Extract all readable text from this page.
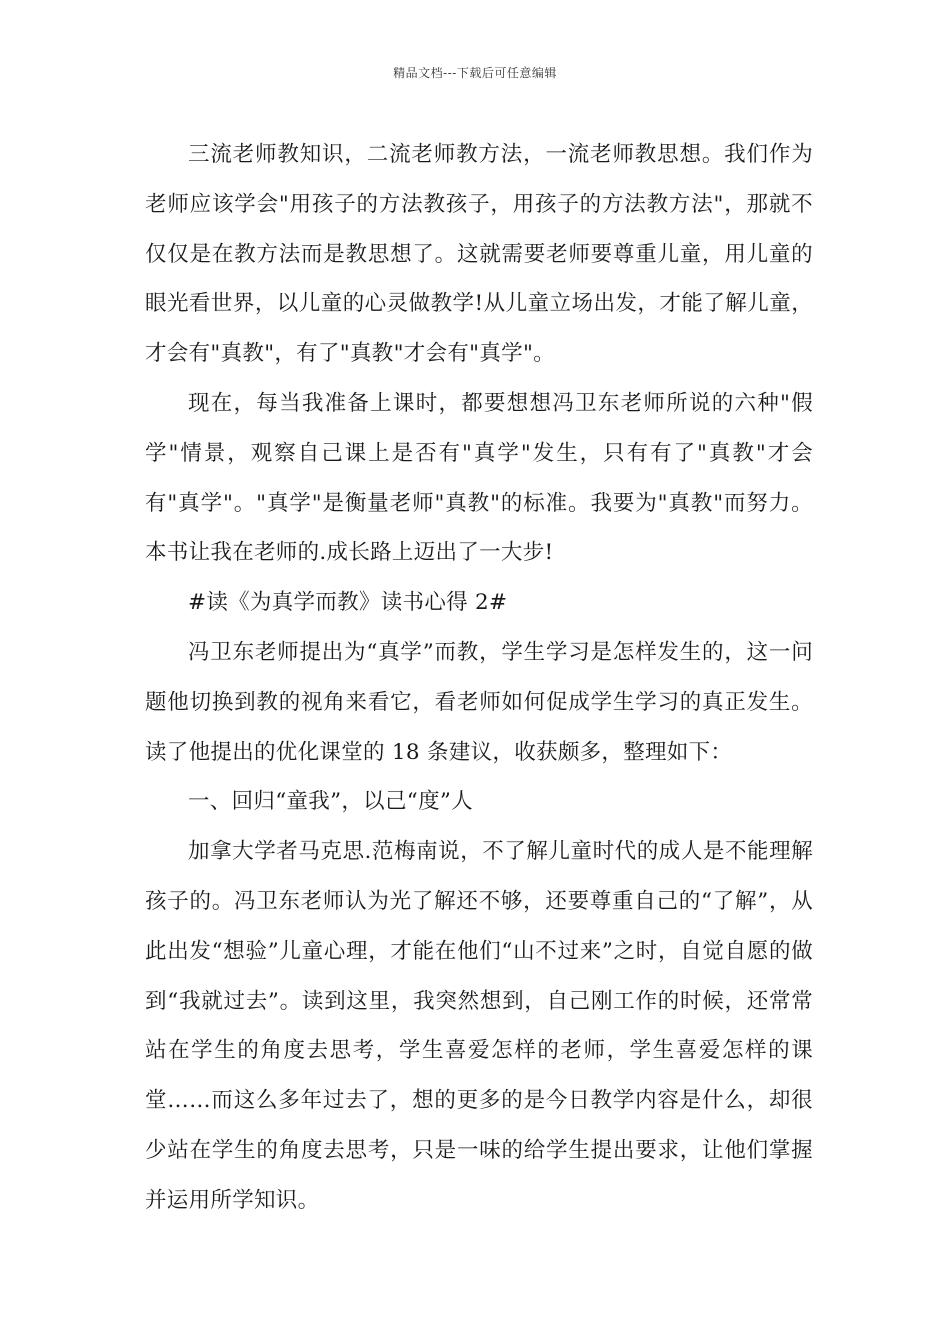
精品文档---下载后可任意编辑

三流老师教知识，二流老师教方法，一流老师教思想。我们作为老师应该学会"用孩子的方法教孩子，用孩子的方法教方法"，那就不仅仅是在教方法而是教思想了。这就需要老师要尊重儿童，用儿童的眼光看世界，以儿童的心灵做教学!从儿童立场出发，才能了解儿童，才会有"真教"，有了"真教"才会有"真学"。

现在，每当我准备上课时，都要想想冯卫东老师所说的六种"假学"情景，观察自己课上是否有"真学"发生，只有有了"真教"才会有"真学"。"真学"是衡量老师"真教"的标准。我要为"真教"而努力。本书让我在老师的.成长路上迈出了一大步!

#读《为真学而教》读书心得 2#

冯卫东老师提出为“真学”而教，学生学习是怎样发生的，这一问题他切换到教的视角来看它，看老师如何促成学生学习的真正发生。读了他提出的优化课堂的 18 条建议，收获颇多，整理如下：

一、回归“童我”，以己“度”人

加拿大学者马克思.范梅南说，不了解儿童时代的成人是不能理解孩子的。冯卫东老师认为光了解还不够，还要尊重自己的“了解”，从此出发“想验”儿童心理，才能在他们“山不过来”之时，自觉自愿的做到“我就过去”。读到这里，我突然想到，自己刚工作的时候，还常常站在学生的角度去思考，学生喜爱怎样的老师，学生喜爱怎样的课堂……而这么多年过去了，想的更多的是今日教学内容是什么，却很少站在学生的角度去思考，只是一味的给学生提出要求，让他们掌握并运用所学知识。
